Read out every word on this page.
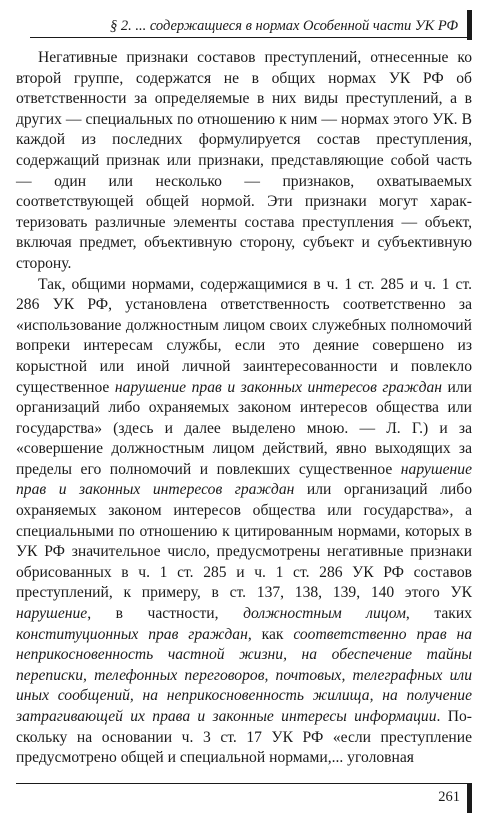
§ 2. ... содержащиеся в нормах Особенной части УК РФ

Негативные признаки составов преступлений, отнесенные ко второй группе, содержатся не в общих нормах УК РФ об ответственности за определяемые в них виды преступлений, а в других — специальных по отношению к ним — нормах этого УК. В каждой из последних формулируется состав преступления, содержащий признак или признаки, представляющие собой часть — один или несколько — признаков, охватываемых соответствующей общей нормой. Эти признаки могут характеризовать различные элементы состава преступления — объект, включая предмет, объективную сторону, субъект и субъективную сторону.

Так, общими нормами, содержащимися в ч. 1 ст. 285 и ч. 1 ст. 286 УК РФ, установлена ответственность соответственно за «использование должностным лицом своих служебных полномочий вопреки интересам службы, если это деяние совершено из корыстной или иной личной заинтересованности и повлекло существенное нарушение прав и законных интересов граждан или организаций либо охраняемых законом интересов общества или государства» (здесь и далее выделено мною. — Л. Г.) и за «совершение должностным лицом действий, явно выходящих за пределы его полномочий и повлекших существенное нарушение прав и законных интересов граждан или организаций либо охраняемых законом интересов общества или государства», а специальными по отношению к цитированным нормами, которых в УК РФ значительное число, предусмотрены негативные признаки обрисованных в ч. 1 ст. 285 и ч. 1 ст. 286 УК РФ составов преступлений, к примеру, в ст. 137, 138, 139, 140 этого УК нарушение, в частности, должностным лицом, таких конституционных прав граждан, как соответственно прав на неприкосновенность частной жизни, на обеспечение тайны переписки, телефонных переговоров, почтовых, телеграфных или иных сообщений, на неприкосновенность жилища, на получение затрагивающей их права и законные интересы информации. Поскольку на основании ч. 3 ст. 17 УК РФ «если преступление предусмотрено общей и специальной нормами,... уголовная

261
